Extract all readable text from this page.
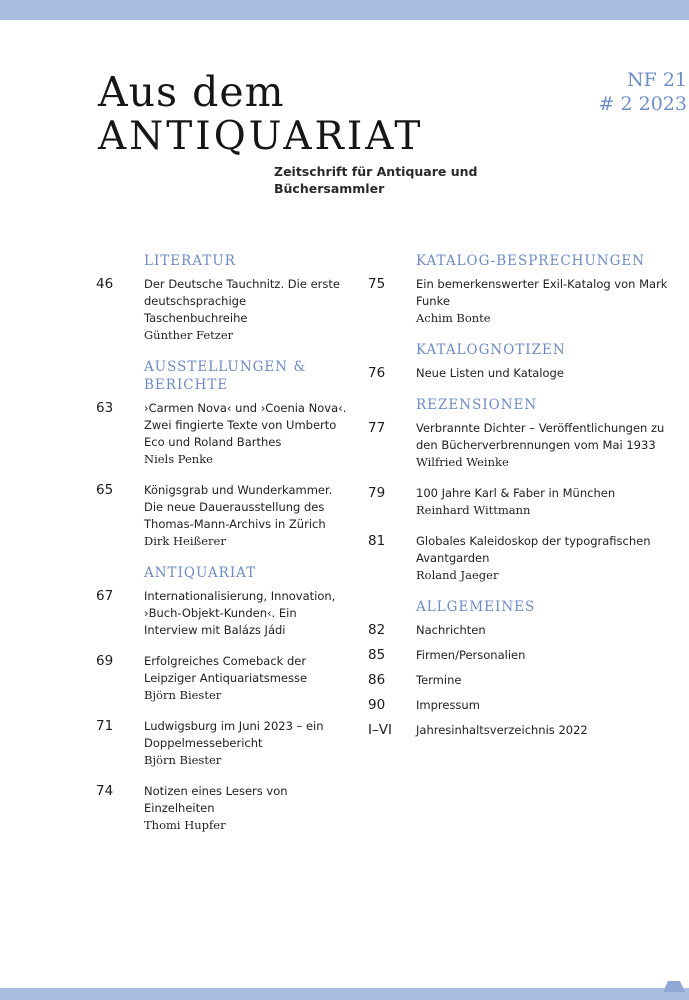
Aus dem
ANTIQUARIAT
Zeitschrift für Antiquare und Büchersammler
NF 21
# 2 2023
LITERATUR
46	Der Deutsche Tauchnitz. Die erste deutschsprachige Taschenbuchreihe
Günther Fetzer
AUSSTELLUNGEN & BERICHTE
63	›Carmen Nova‹ und ›Coenia Nova‹. Zwei fingierte Texte von Umberto Eco und Roland Barthes
Niels Penke
65	Königsgrab und Wunderkammer. Die neue Dauerausstellung des Thomas-Mann-Archivs in Zürich
Dirk Heißerer
ANTIQUARIAT
67	Internationalisierung, Innovation, ›Buch-Objekt-Kunden‹. Ein Interview mit Balázs Jádi
69	Erfolgreiches Comeback der Leipziger Antiquariatsmesse
Björn Biester
71	Ludwigsburg im Juni 2023 – ein Doppelmessebericht
Björn Biester
74	Notizen eines Lesers von Einzelheiten
Thomi Hupfer
KATALOG-BESPRECHUNGEN
75	Ein bemerkenswerter Exil-Katalog von Mark Funke
Achim Bonte
KATALOGNOTIZEN
76	Neue Listen und Kataloge
REZENSIONEN
77	Verbrannte Dichter – Veröffentlichungen zu den Bücherverbrennungen vom Mai 1933
Wilfried Weinke
79	100 Jahre Karl & Faber in München
Reinhard Wittmann
81	Globales Kaleidoskop der typografischen Avantgarden
Roland Jaeger
ALLGEMEINES
82	Nachrichten
85	Firmen/Personalien
86	Termine
90	Impressum
I–VI	Jahresinhaltsverzeichnis 2022
